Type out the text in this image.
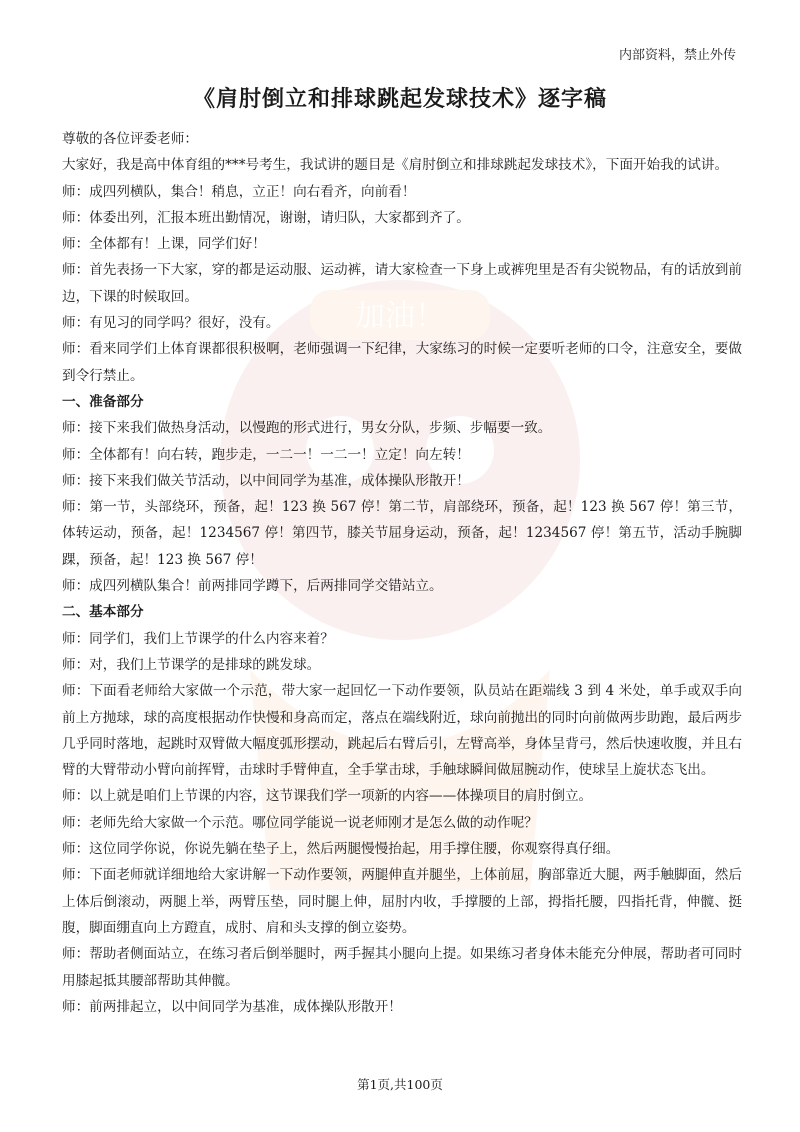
加油！
内部资料，禁止外传
《肩肘倒立和排球跳起发球技术》逐字稿

尊敬的各位评委老师：

大家好，我是高中体育组的***号考生，我试讲的题目是《肩肘倒立和排球跳起发球技术》，下面开始我的试讲。

师：成四列横队，集合！稍息，立正！向右看齐，向前看！

师：体委出列，汇报本班出勤情况，谢谢，请归队，大家都到齐了。

师：全体都有！上课，同学们好！

师：首先表扬一下大家，穿的都是运动服、运动裤，请大家检查一下身上或裤兜里是否有尖锐物品，有的话放到前边，下课的时候取回。

师：有见习的同学吗？很好，没有。

师：看来同学们上体育课都很积极啊，老师强调一下纪律，大家练习的时候一定要听老师的口令，注意安全，要做到令行禁止。

一、准备部分

师：接下来我们做热身活动，以慢跑的形式进行，男女分队，步频、步幅要一致。

师：全体都有！向右转，跑步走，一二一！一二一！立定！向左转！

师：接下来我们做关节活动，以中间同学为基准，成体操队形散开！

师：第一节，头部绕环，预备，起！123 换 567 停！第二节，肩部绕环，预备，起！123 换 567 停！第三节，体转运动，预备，起！1234567 停！第四节，膝关节屈身运动，预备，起！1234567 停！第五节，活动手腕脚踝，预备，起！123 换 567 停！

师：成四列横队集合！前两排同学蹲下，后两排同学交错站立。

二、基本部分

师：同学们，我们上节课学的什么内容来着？

师：对，我们上节课学的是排球的跳发球。

师：下面看老师给大家做一个示范，带大家一起回忆一下动作要领，队员站在距端线 3 到 4 米处，单手或双手向前上方抛球，球的高度根据动作快慢和身高而定，落点在端线附近，球向前抛出的同时向前做两步助跑，最后两步几乎同时落地，起跳时双臂做大幅度弧形摆动，跳起后右臂后引，左臂高举，身体呈背弓，然后快速收腹，并且右臂的大臂带动小臂向前挥臂，击球时手臂伸直，全手掌击球，手触球瞬间做屈腕动作，使球呈上旋状态飞出。

师：以上就是咱们上节课的内容，这节课我们学一项新的内容——体操项目的肩肘倒立。

师：老师先给大家做一个示范。哪位同学能说一说老师刚才是怎么做的动作呢？

师：这位同学你说，你说先躺在垫子上，然后两腿慢慢抬起，用手撑住腰，你观察得真仔细。

师：下面老师就详细地给大家讲解一下动作要领，两腿伸直并腿坐，上体前屈，胸部靠近大腿，两手触脚面，然后上体后倒滚动，两腿上举，两臂压垫，同时腿上伸，屈肘内收，手撑腰的上部，拇指托腰，四指托背，伸髋、挺腹，脚面绷直向上方蹬直，成肘、肩和头支撑的倒立姿势。

师：帮助者侧面站立，在练习者后倒举腿时，两手握其小腿向上提。如果练习者身体未能充分伸展，帮助者可同时用膝起抵其腰部帮助其伸髋。

师：前两排起立，以中间同学为基准，成体操队形散开！

第1页,共100页
